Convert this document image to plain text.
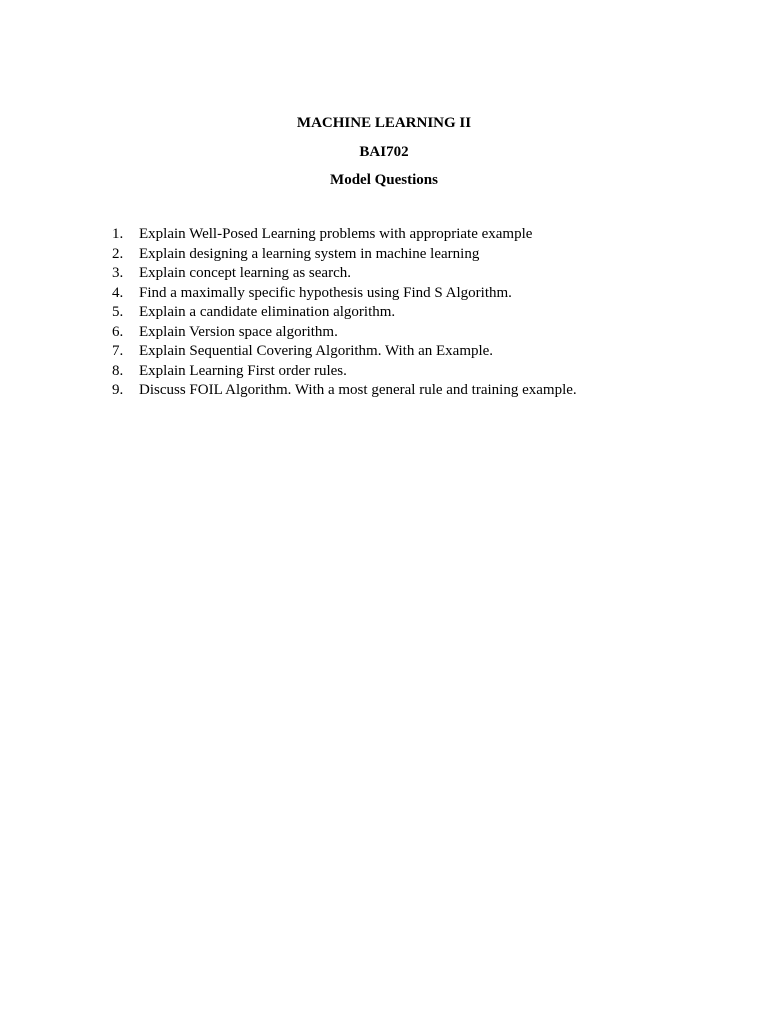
MACHINE LEARNING II
BAI702
Model Questions
1.	Explain Well-Posed Learning problems with appropriate example
2.	Explain designing a learning system in machine learning
3.	Explain concept learning as search.
4.	Find a maximally specific hypothesis using Find S Algorithm.
5.	Explain a candidate elimination algorithm.
6.	Explain Version space algorithm.
7.	Explain Sequential Covering Algorithm. With an Example.
8.	Explain Learning First order rules.
9.	Discuss FOIL Algorithm. With a most general rule and training example.
